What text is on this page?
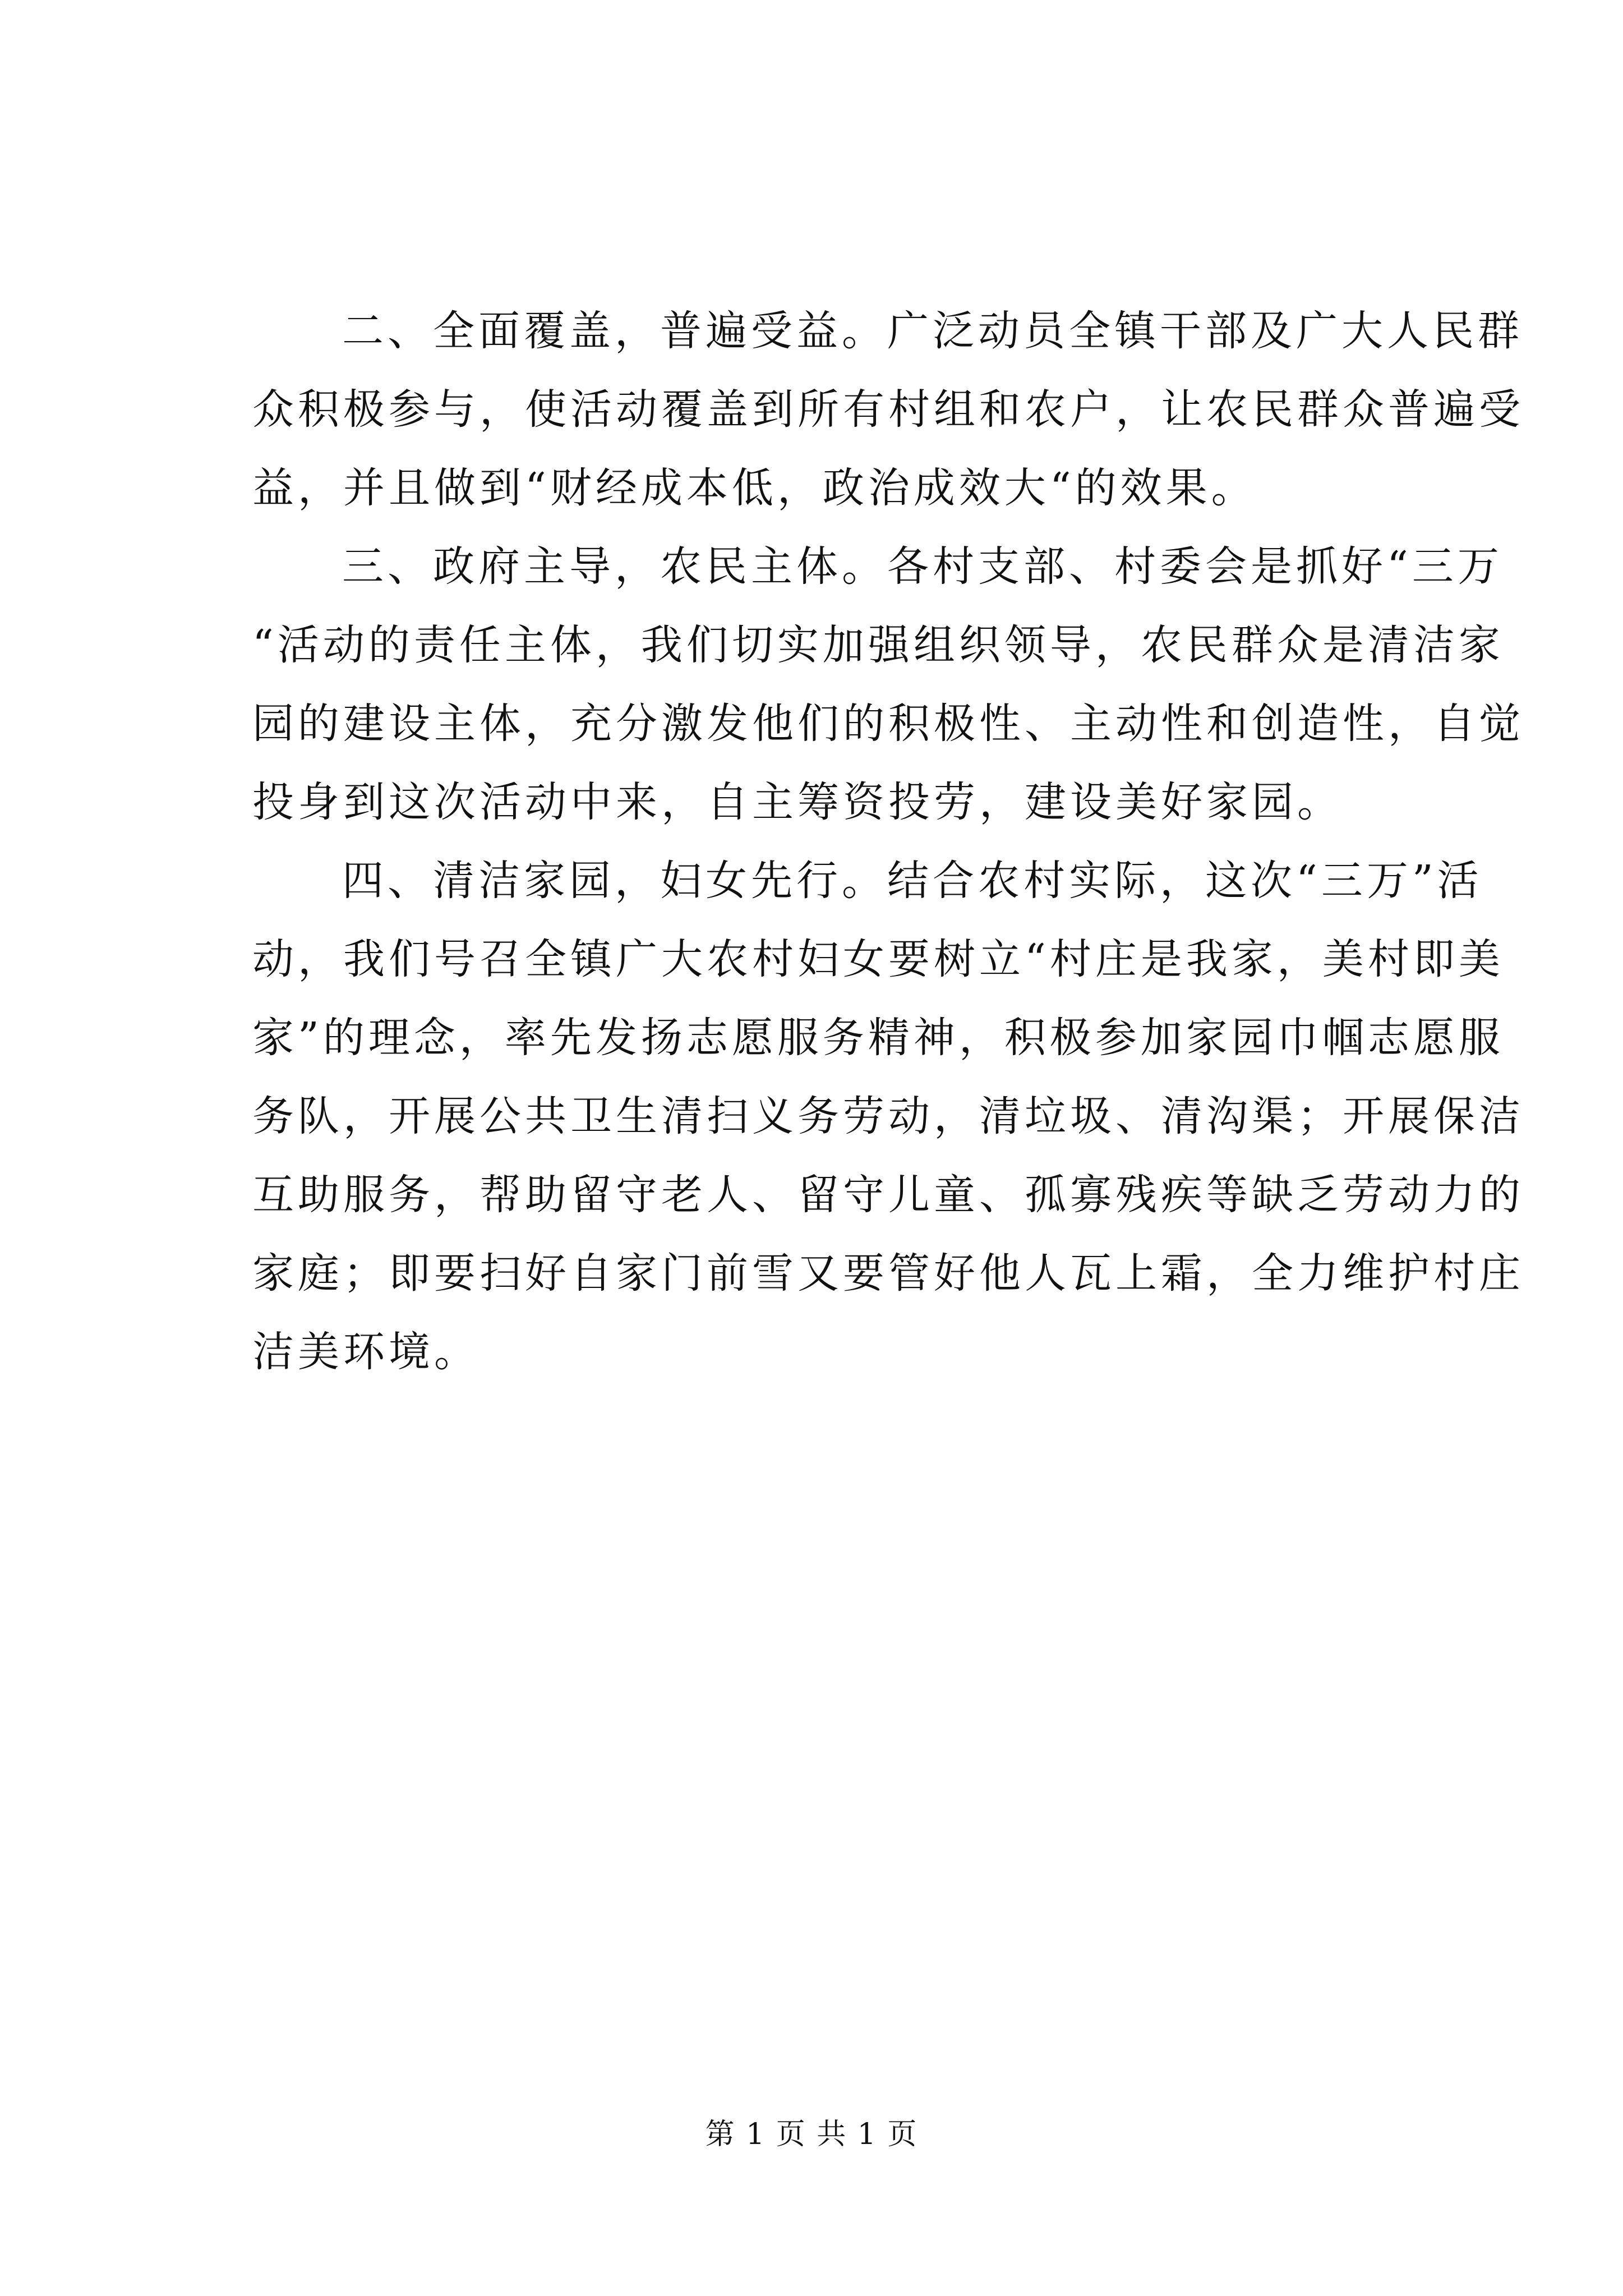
二、全面覆盖，普遍受益。广泛动员全镇干部及广大人民群
众积极参与，使活动覆盖到所有村组和农户，让农民群众普遍受
益，并且做到“财经成本低，政治成效大“的效果。
三、政府主导，农民主体。各村支部、村委会是抓好“三万
“活动的责任主体，我们切实加强组织领导，农民群众是清洁家
园的建设主体，充分激发他们的积极性、主动性和创造性，自觉
投身到这次活动中来，自主筹资投劳，建设美好家园。
四、清洁家园，妇女先行。结合农村实际，这次“三万”活
动，我们号召全镇广大农村妇女要树立“村庄是我家，美村即美
家”的理念，率先发扬志愿服务精神，积极参加家园巾帼志愿服
务队，开展公共卫生清扫义务劳动，清垃圾、清沟渠；开展保洁
互助服务，帮助留守老人、留守儿童、孤寡残疾等缺乏劳动力的
家庭；即要扫好自家门前雪又要管好他人瓦上霜，全力维护村庄
洁美环境。
第 1 页 共 1 页
